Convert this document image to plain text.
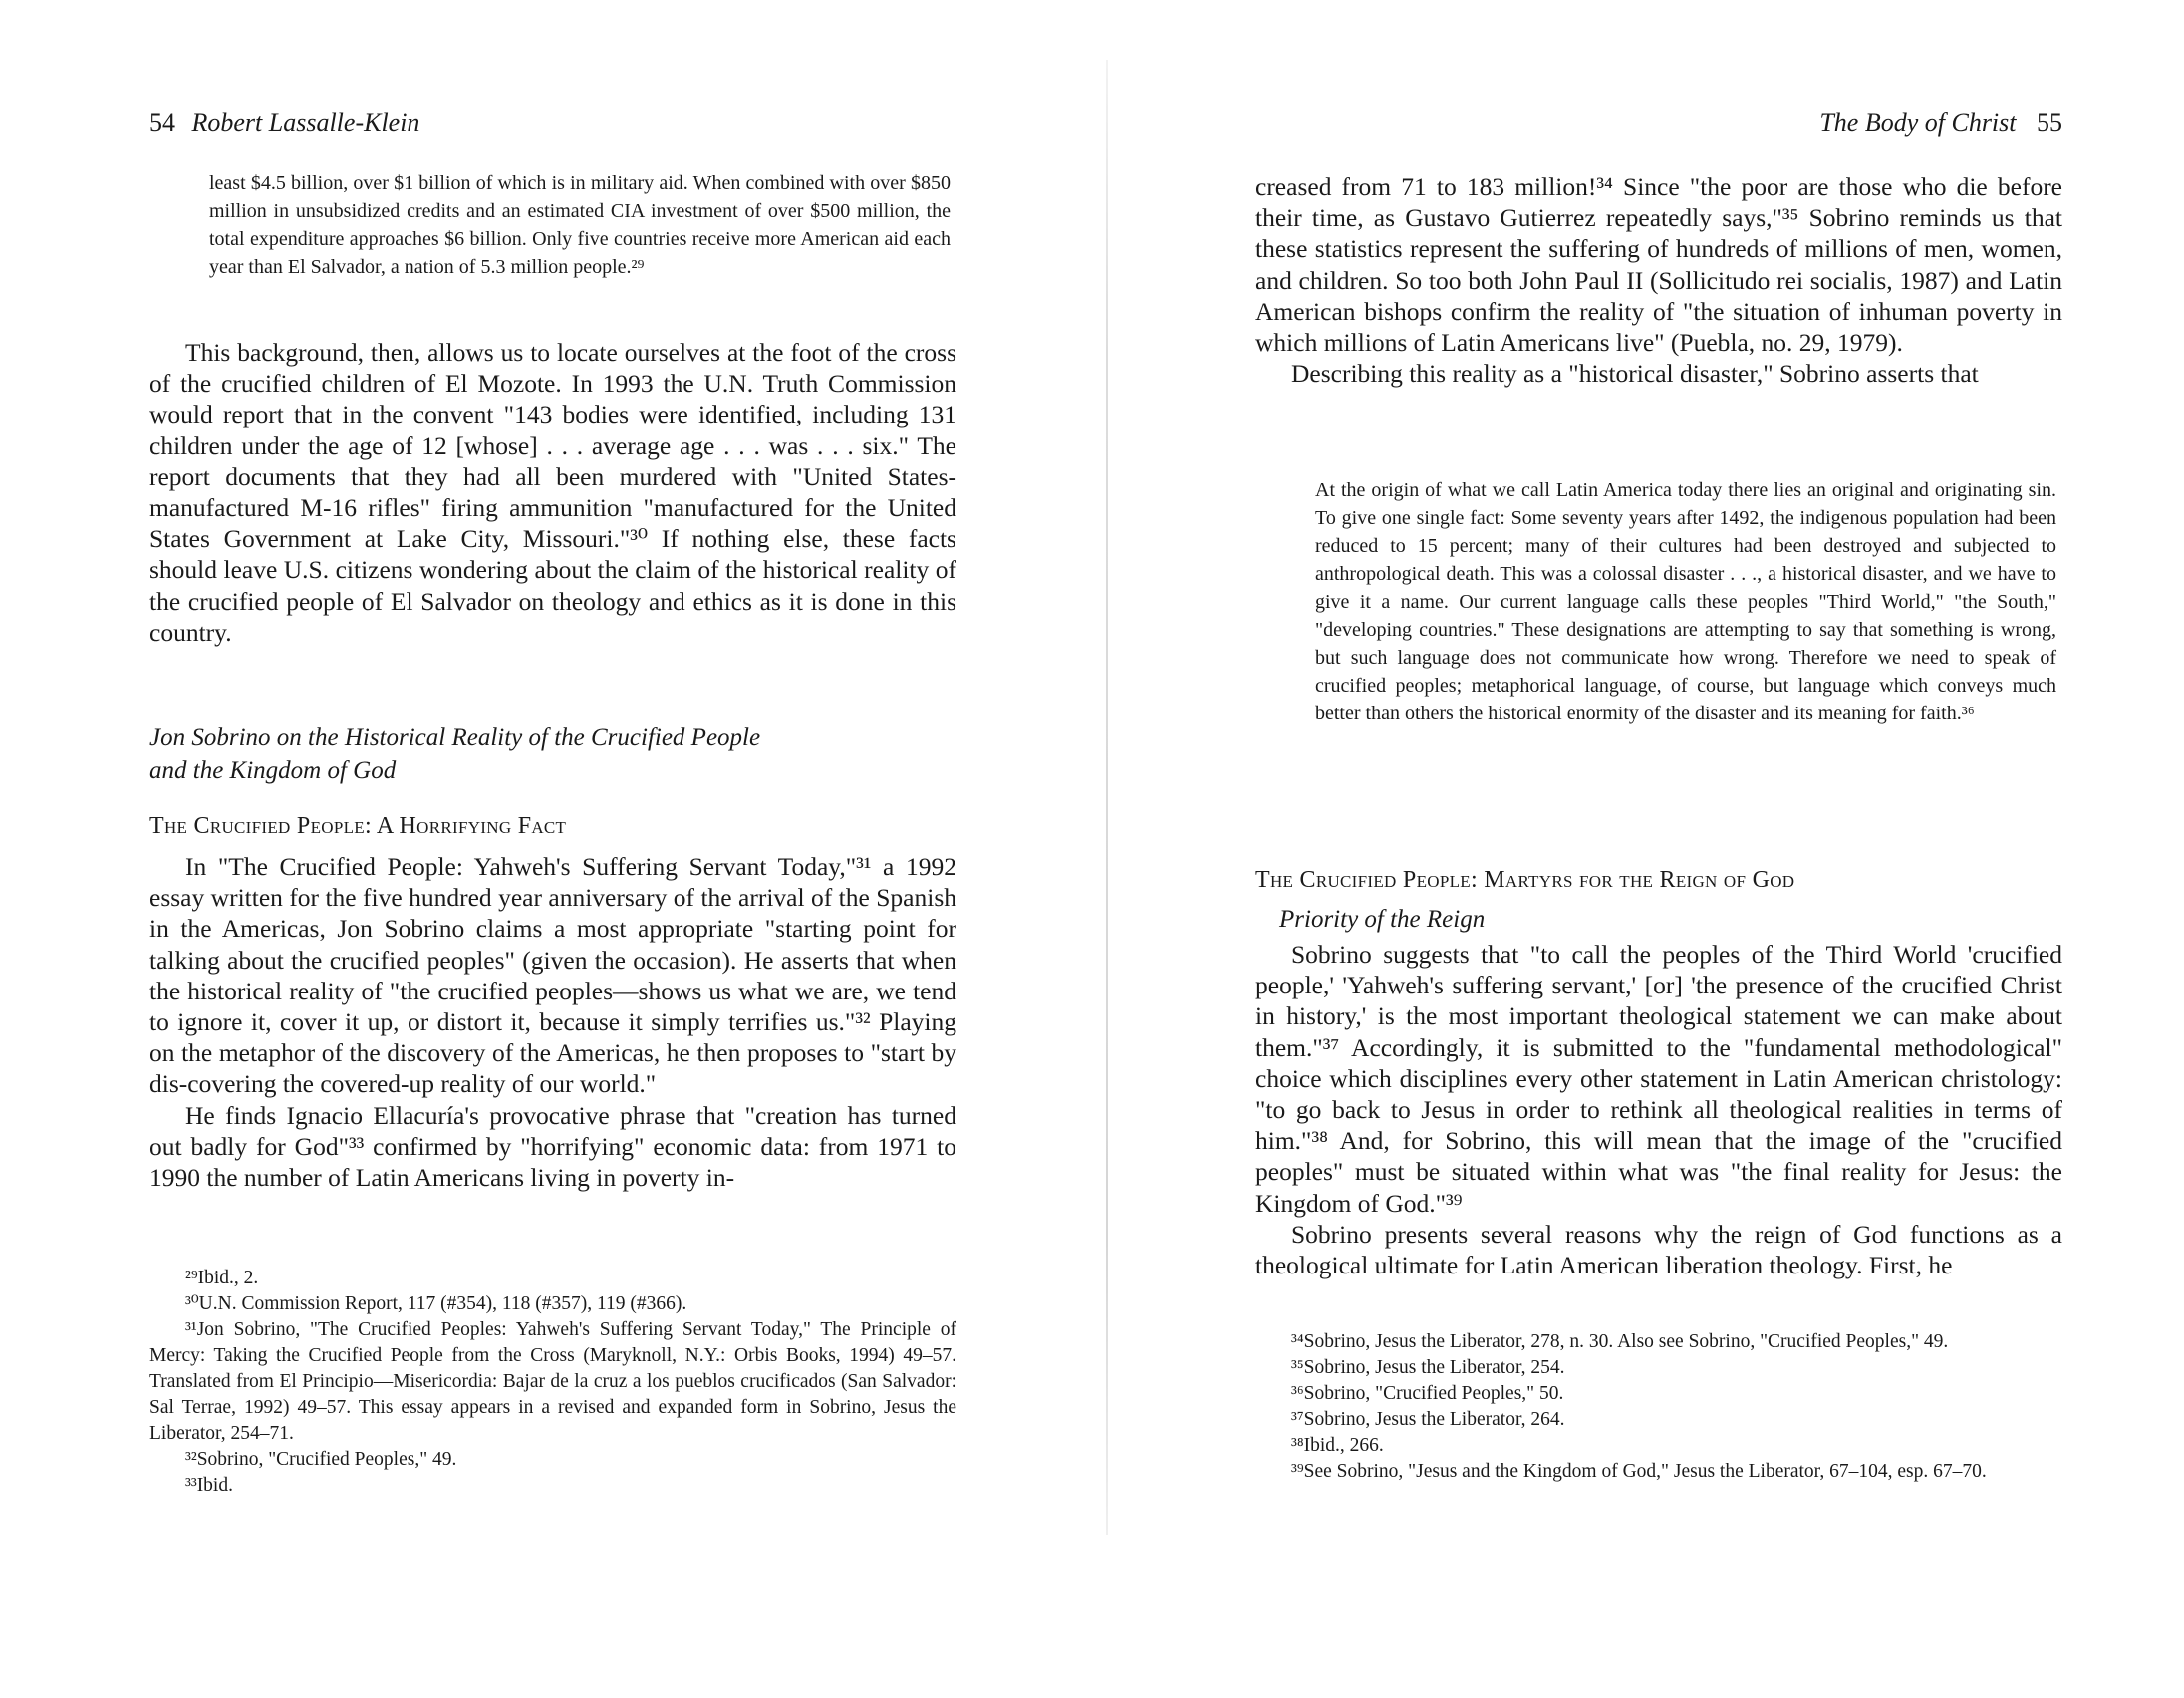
54 Robert Lassalle-Klein

least $4.5 billion, over $1 billion of which is in military aid. When combined with over $850 million in unsubsidized credits and an estimated CIA investment of over $500 million, the total expenditure approaches $6 billion. Only five countries receive more American aid each year than El Salvador, a nation of 5.3 million people.²⁹

This background, then, allows us to locate ourselves at the foot of the cross of the crucified children of El Mozote. In 1993 the U.N. Truth Commission would report that in the convent "143 bodies were identified, including 131 children under the age of 12 [whose] . . . average age . . . was . . . six." The report documents that they had all been murdered with "United States-manufactured M-16 rifles" firing ammunition "manufactured for the United States Government at Lake City, Missouri."³⁰ If nothing else, these facts should leave U.S. citizens wondering about the claim of the historical reality of the crucified people of El Salvador on theology and ethics as it is done in this country.

Jon Sobrino on the Historical Reality of the Crucified People

and the Kingdom of God

The Crucified People: A Horrifying Fact

In "The Crucified People: Yahweh's Suffering Servant Today,"³¹ a 1992 essay written for the five hundred year anniversary of the arrival of the Spanish in the Americas, Jon Sobrino claims a most appropriate "starting point for talking about the crucified peoples" (given the occasion). He asserts that when the historical reality of "the crucified peoples—shows us what we are, we tend to ignore it, cover it up, or distort it, because it simply terrifies us."³² Playing on the metaphor of the discovery of the Americas, he then proposes to "start by dis-covering the covered-up reality of our world."

He finds Ignacio Ellacuría's provocative phrase that "creation has turned out badly for God"³³ confirmed by "horrifying" economic data: from 1971 to 1990 the number of Latin Americans living in poverty in-

²⁹Ibid., 2.

³⁰U.N. Commission Report, 117 (#354), 118 (#357), 119 (#366).

³¹Jon Sobrino, "The Crucified Peoples: Yahweh's Suffering Servant Today," The Principle of Mercy: Taking the Crucified People from the Cross (Maryknoll, N.Y.: Orbis Books, 1994) 49–57. Translated from El Principio—Misericordia: Bajar de la cruz a los pueblos crucificados (San Salvador: Sal Terrae, 1992) 49–57. This essay appears in a revised and expanded form in Sobrino, Jesus the Liberator, 254–71.

³²Sobrino, "Crucified Peoples," 49.

³³Ibid.

The Body of Christ 55

creased from 71 to 183 million!³⁴ Since "the poor are those who die before their time, as Gustavo Gutierrez repeatedly says,"³⁵ Sobrino reminds us that these statistics represent the suffering of hundreds of millions of men, women, and children. So too both John Paul II (Sollicitudo rei socialis, 1987) and Latin American bishops confirm the reality of "the situation of inhuman poverty in which millions of Latin Americans live" (Puebla, no. 29, 1979).

Describing this reality as a "historical disaster," Sobrino asserts that

At the origin of what we call Latin America today there lies an original and originating sin. To give one single fact: Some seventy years after 1492, the indigenous population had been reduced to 15 percent; many of their cultures had been destroyed and subjected to anthropological death. This was a colossal disaster . . ., a historical disaster, and we have to give it a name. Our current language calls these peoples "Third World," "the South," "developing countries." These designations are attempting to say that something is wrong, but such language does not communicate how wrong. Therefore we need to speak of crucified peoples; metaphorical language, of course, but language which conveys much better than others the historical enormity of the disaster and its meaning for faith.³⁶

The Crucified People: Martyrs for the Reign of God

Priority of the Reign

Sobrino suggests that "to call the peoples of the Third World 'crucified people,' 'Yahweh's suffering servant,' [or] 'the presence of the crucified Christ in history,' is the most important theological statement we can make about them."³⁷ Accordingly, it is submitted to the "fundamental methodological" choice which disciplines every other statement in Latin American christology: "to go back to Jesus in order to rethink all theological realities in terms of him."³⁸ And, for Sobrino, this will mean that the image of the "crucified peoples" must be situated within what was "the final reality for Jesus: the Kingdom of God."³⁹

Sobrino presents several reasons why the reign of God functions as a theological ultimate for Latin American liberation theology. First, he

³⁴Sobrino, Jesus the Liberator, 278, n. 30. Also see Sobrino, "Crucified Peoples," 49.

³⁵Sobrino, Jesus the Liberator, 254.

³⁶Sobrino, "Crucified Peoples," 50.

³⁷Sobrino, Jesus the Liberator, 264.

³⁸Ibid., 266.

³⁹See Sobrino, "Jesus and the Kingdom of God," Jesus the Liberator, 67–104, esp. 67–70.
